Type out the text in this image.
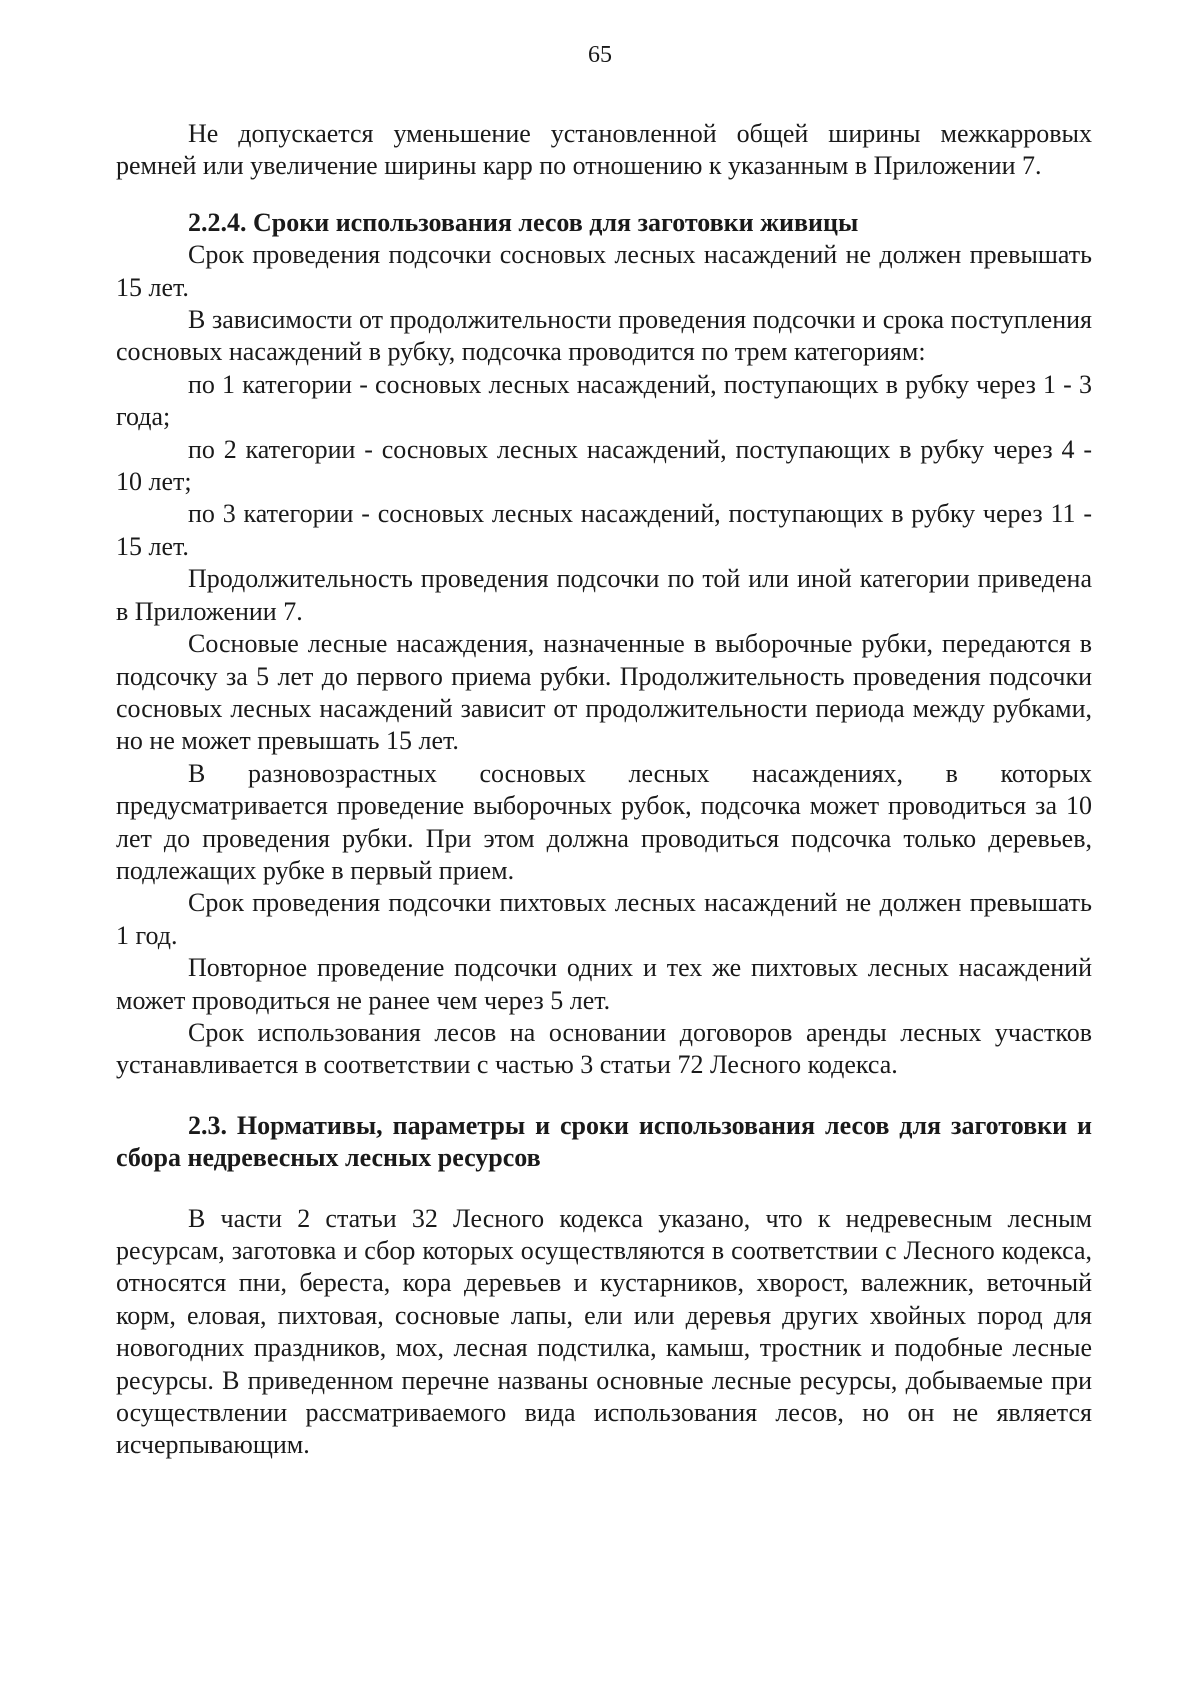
65

Не допускается уменьшение установленной общей ширины межкарровых ремней или увеличение ширины карр по отношению к указанным в Приложении 7.

2.2.4. Сроки использования лесов для заготовки живицы

Срок проведения подсочки сосновых лесных насаждений не должен превышать 15 лет.

В зависимости от продолжительности проведения подсочки и срока поступления сосновых насаждений в рубку, подсочка проводится по трем категориям:

по 1 категории - сосновых лесных насаждений, поступающих в рубку через 1 - 3 года;

по 2 категории - сосновых лесных насаждений, поступающих в рубку через 4 - 10 лет;

по 3 категории - сосновых лесных насаждений, поступающих в рубку через 11 - 15 лет.

Продолжительность проведения подсочки по той или иной категории приведена в Приложении 7.

Сосновые лесные насаждения, назначенные в выборочные рубки, передаются в подсочку за 5 лет до первого приема рубки. Продолжительность проведения подсочки сосновых лесных насаждений зависит от продолжительности периода между рубками, но не может превышать 15 лет.

В разновозрастных сосновых лесных насаждениях, в которых предусматривается проведение выборочных рубок, подсочка может проводиться за 10 лет до проведения рубки. При этом должна проводиться подсочка только деревьев, подлежащих рубке в первый прием.

Срок проведения подсочки пихтовых лесных насаждений не должен превышать 1 год.

Повторное проведение подсочки одних и тех же пихтовых лесных насаждений может проводиться не ранее чем через 5 лет.

Срок использования лесов на основании договоров аренды лесных участков устанавливается в соответствии с частью 3 статьи 72 Лесного кодекса.

2.3. Нормативы, параметры и сроки использования лесов для заготовки и сбора недревесных лесных ресурсов

В части 2 статьи 32 Лесного кодекса указано, что к недревесным лесным ресурсам, заготовка и сбор которых осуществляются в соответствии с Лесного кодекса, относятся пни, береста, кора деревьев и кустарников, хворост, валежник, веточный корм, еловая, пихтовая, сосновые лапы, ели или деревья других хвойных пород для новогодних праздников, мох, лесная подстилка, камыш, тростник и подобные лесные ресурсы. В приведенном перечне названы основные лесные ресурсы, добываемые при осуществлении рассматриваемого вида использования лесов, но он не является исчерпывающим.
